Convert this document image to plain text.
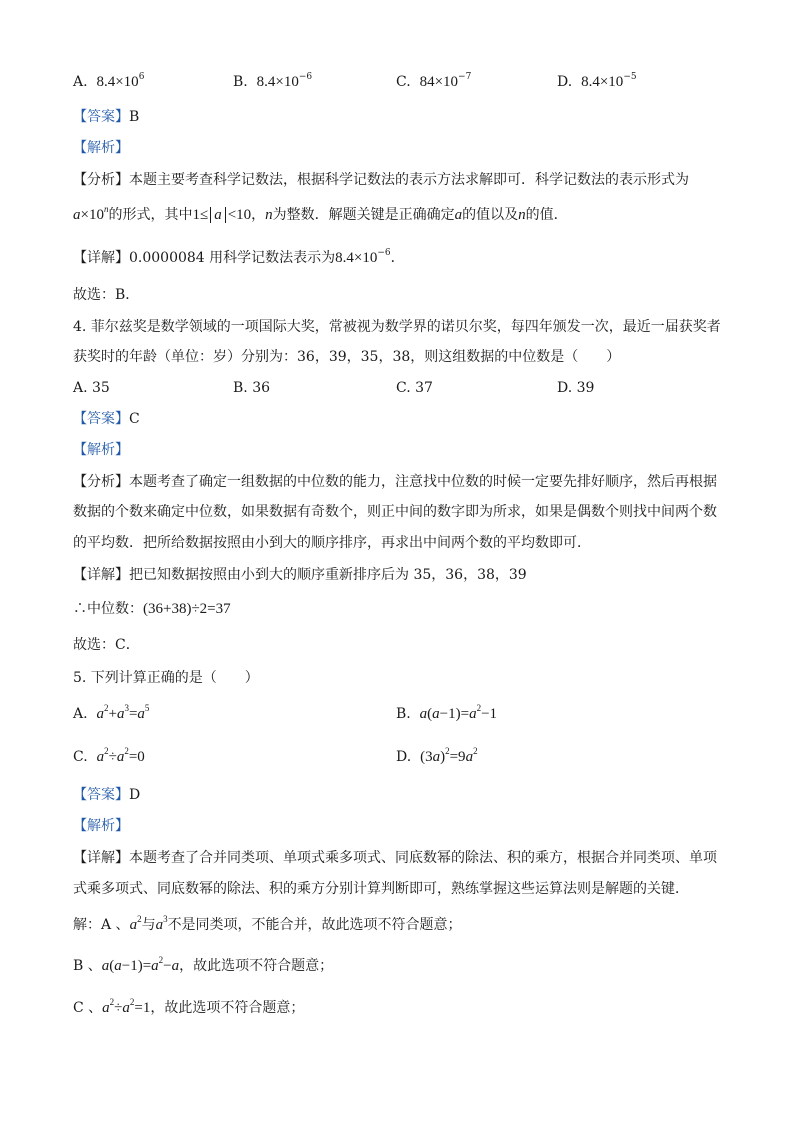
A. $8.4\times 10^6$	B. $8.4\times 10^{-6}$	C. $84\times 10^{-7}$	D. $8.4\times 10^{-5}$
【答案】B
【解析】
【分析】本题主要考查科学记数法，根据科学记数法的表示方法求解即可．科学记数法的表示形式为
$a\times 10^n$的形式，其中1≤ a <10，n为整数．解题关键是正确确定a的值以及n的值．
【详解】0.0000084 用科学记数法表示为$8.4\times 10^{-6}$．
故选：B．
4. 菲尔兹奖是数学领域的一项国际大奖，常被视为数学界的诺贝尔奖，每四年颁发一次，最近一届获奖者
获奖时的年龄（单位：岁）分别为：36，39，35，38，则这组数据的中位数是（　　）
A. 35	B. 36	C. 37	D. 39
【答案】C
【解析】
【分析】本题考查了确定一组数据的中位数的能力，注意找中位数的时候一定要先排好顺序，然后再根据
数据的个数来确定中位数，如果数据有奇数个，则正中间的数字即为所求，如果是偶数个则找中间两个数
的平均数．把所给数据按照由小到大的顺序排序，再求出中间两个数的平均数即可．
【详解】把已知数据按照由小到大的顺序重新排序后为 35，36，38，39
∴中位数：(36+38)÷2=37
故选：C．
5. 下列计算正确的是（　　）
A. $a^2+a^3=a^5$	B. $a(a-1)=a^2-1$
C. $a^2\div a^2=0$	D. $(3a)^2=9a^2$
【答案】D
【解析】
【详解】本题考查了合并同类项、单项式乘多项式、同底数幂的除法、积的乘方，根据合并同类项、单项
式乘多项式、同底数幂的除法、积的乘方分别计算判断即可，熟练掌握这些运算法则是解题的关键．
解：A 、$a^2$与$a^3$不是同类项，不能合并，故此选项不符合题意；
B 、$a(a-1)=a^2-a$，故此选项不符合题意；
C 、$a^2\div a^2=1$，故此选项不符合题意；
